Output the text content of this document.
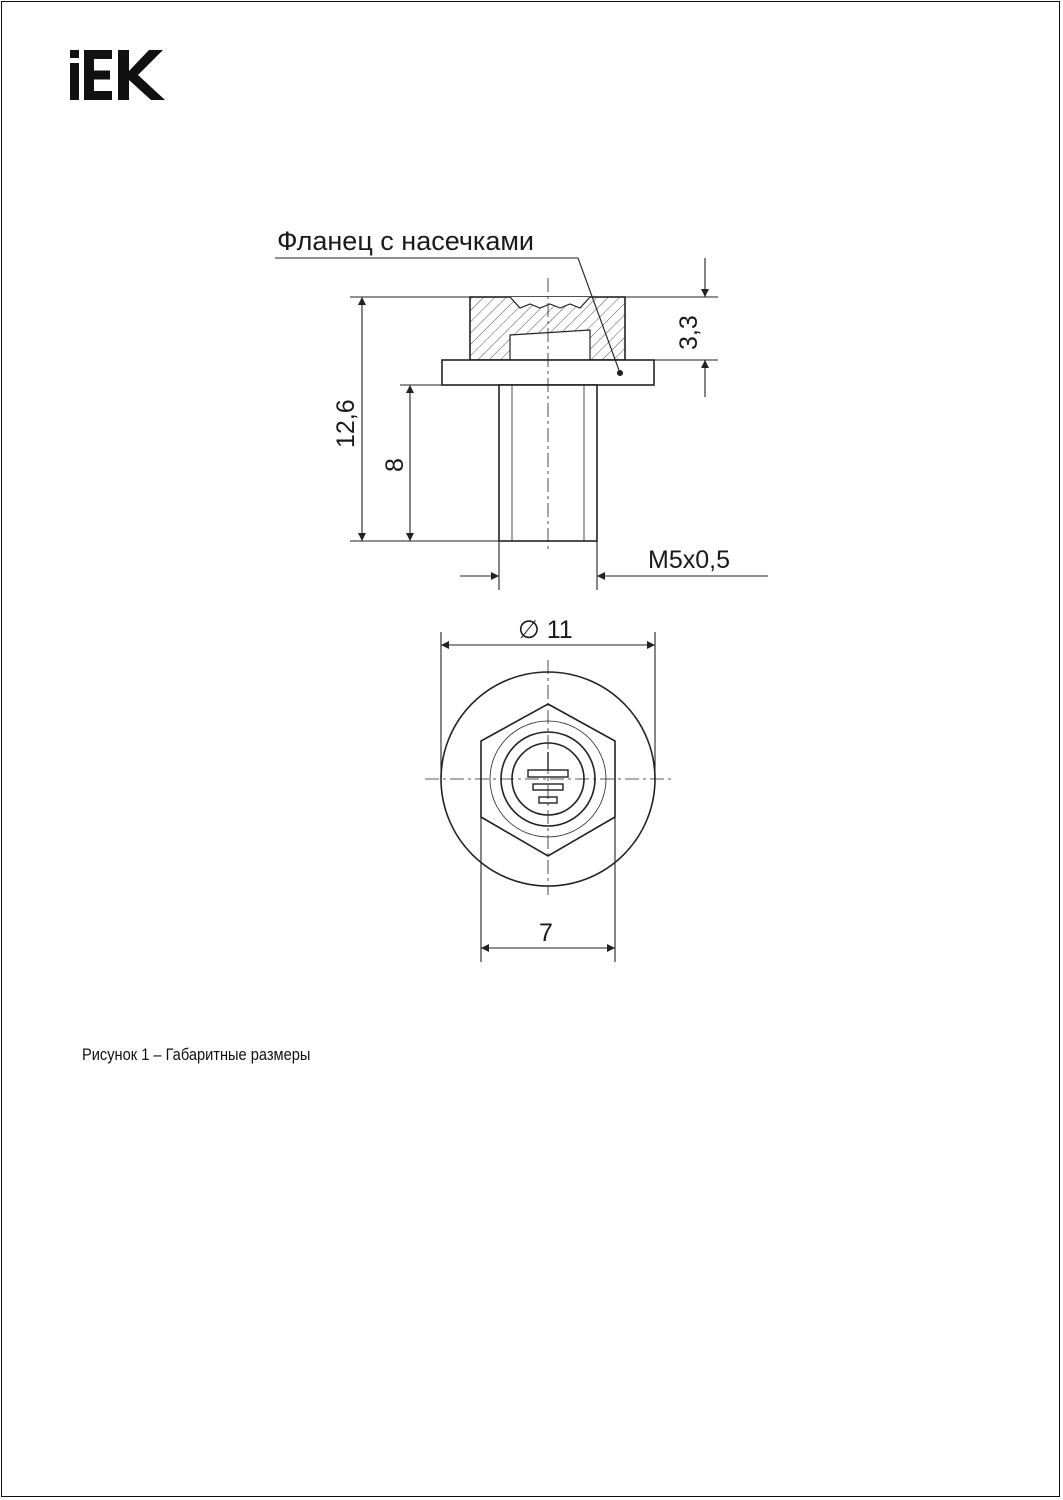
Фланец с насечками
3,3
12,6
8
M5x0,5
∅ 11
7
Рисунок 1 – Габаритные размеры
